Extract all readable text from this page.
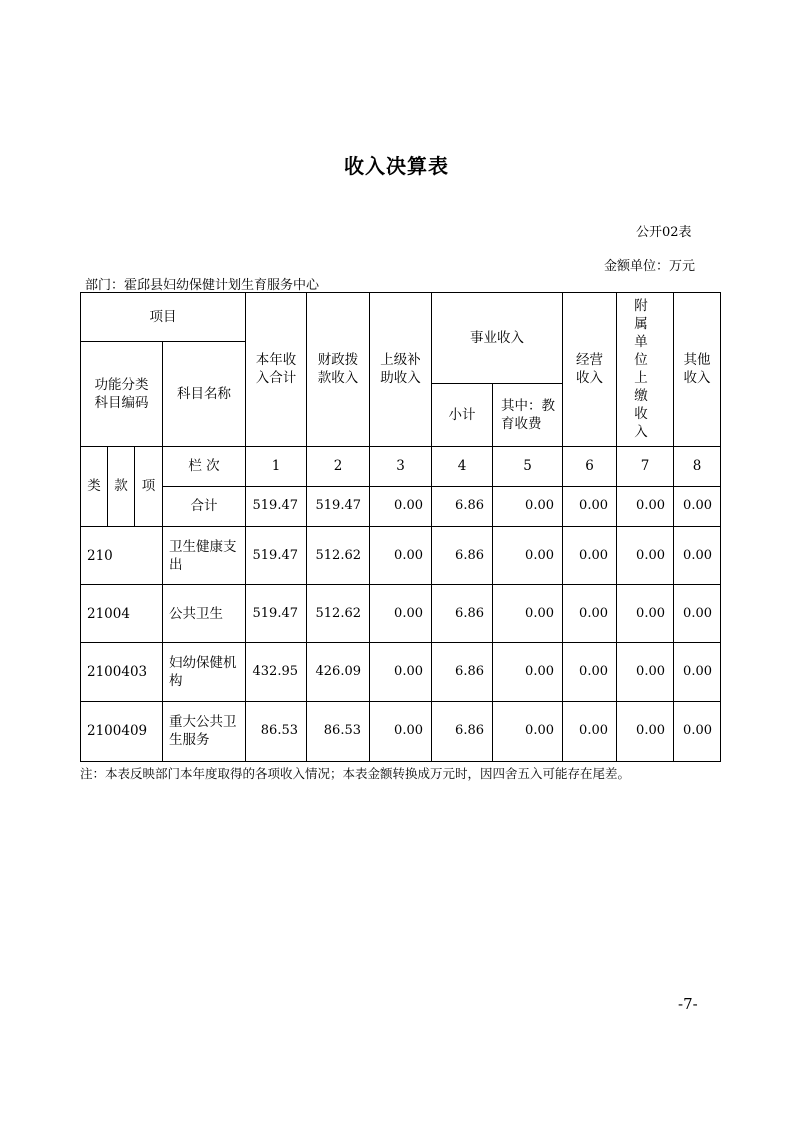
收入决算表
公开02表
金额单位：万元
部门：霍邱县妇幼保健计划生育服务中心
项目				本年收入合计	财政拨款收入	上级补助收入	事业收入		经营收入	附属单位上缴收入	其他收入
功能分类科目编码			科目名称								
							小计	其中：教育收费			
类	款	项	栏 次	1	2	3	4	5	6	7	8
			合计	519.47	519.47	0.00	6.86	0.00	0.00	0.00	0.00
210			卫生健康支出	519.47	512.62	0.00	6.86	0.00	0.00	0.00	0.00
21004			公共卫生	519.47	512.62	0.00	6.86	0.00	0.00	0.00	0.00
2100403			妇幼保健机构	432.95	426.09	0.00	6.86	0.00	0.00	0.00	0.00
2100409			重大公共卫生服务	86.53	86.53	0.00	6.86	0.00	0.00	0.00	0.00
注：本表反映部门本年度取得的各项收入情况；本表金额转换成万元时，因四舍五入可能存在尾差。
-7-
